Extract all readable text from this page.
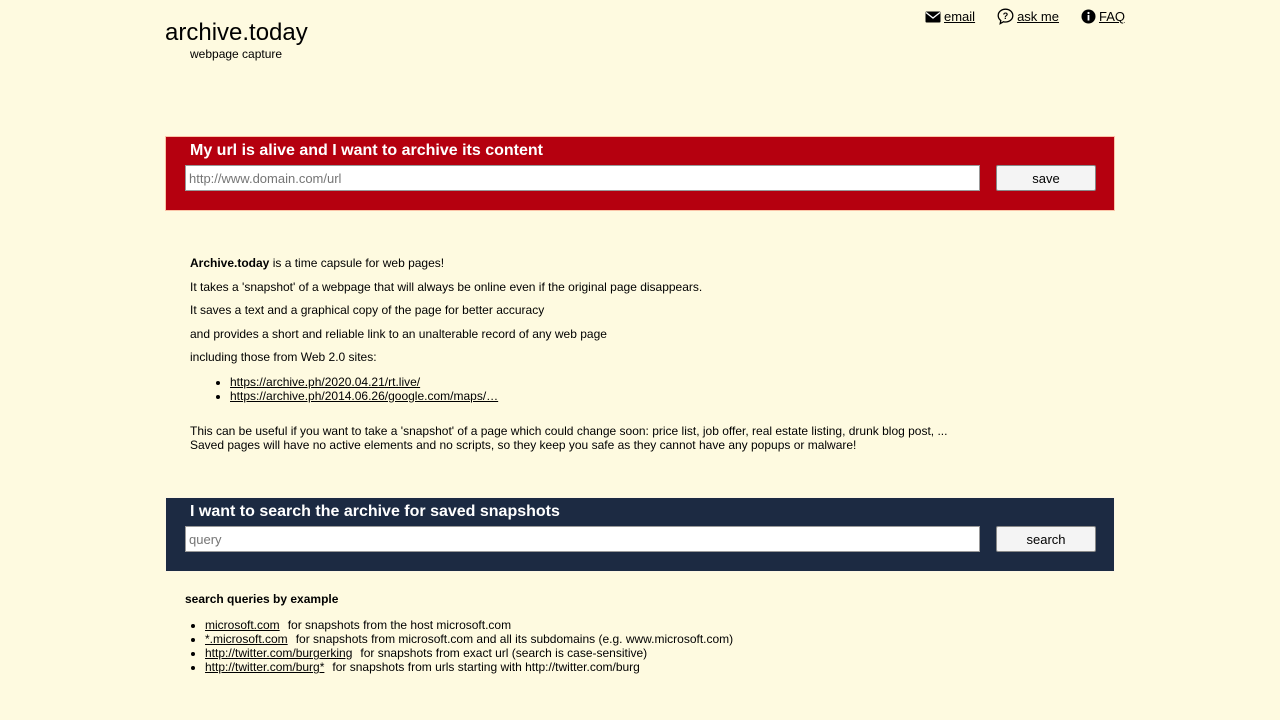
archive.today
webpage capture
email	? ask me	FAQ
My url is alive and I want to archive its content
http://www.domain.com/url
save

Archive.today is a time capsule for web pages!

It takes a 'snapshot' of a webpage that will always be online even if the original page disappears.

It saves a text and a graphical copy of the page for better accuracy

and provides a short and reliable link to an unalterable record of any web page

including those from Web 2.0 sites:

• https://archive.ph/2020.04.21/rt.live/
• https://archive.ph/2014.06.26/google.com/maps/…
This can be useful if you want to take a 'snapshot' of a page which could change soon: price list, job offer, real estate listing, drunk blog post, ...
Saved pages will have no active elements and no scripts, so they keep you safe as they cannot have any popups or malware!
I want to search the archive for saved snapshots
query
search
search queries by example
• microsoft.com for snapshots from the host microsoft.com
• *.microsoft.com for snapshots from microsoft.com and all its subdomains (e.g. www.microsoft.com)
• http://twitter.com/burgerking for snapshots from exact url (search is case-sensitive)
• http://twitter.com/burg* for snapshots from urls starting with http://twitter.com/burg
